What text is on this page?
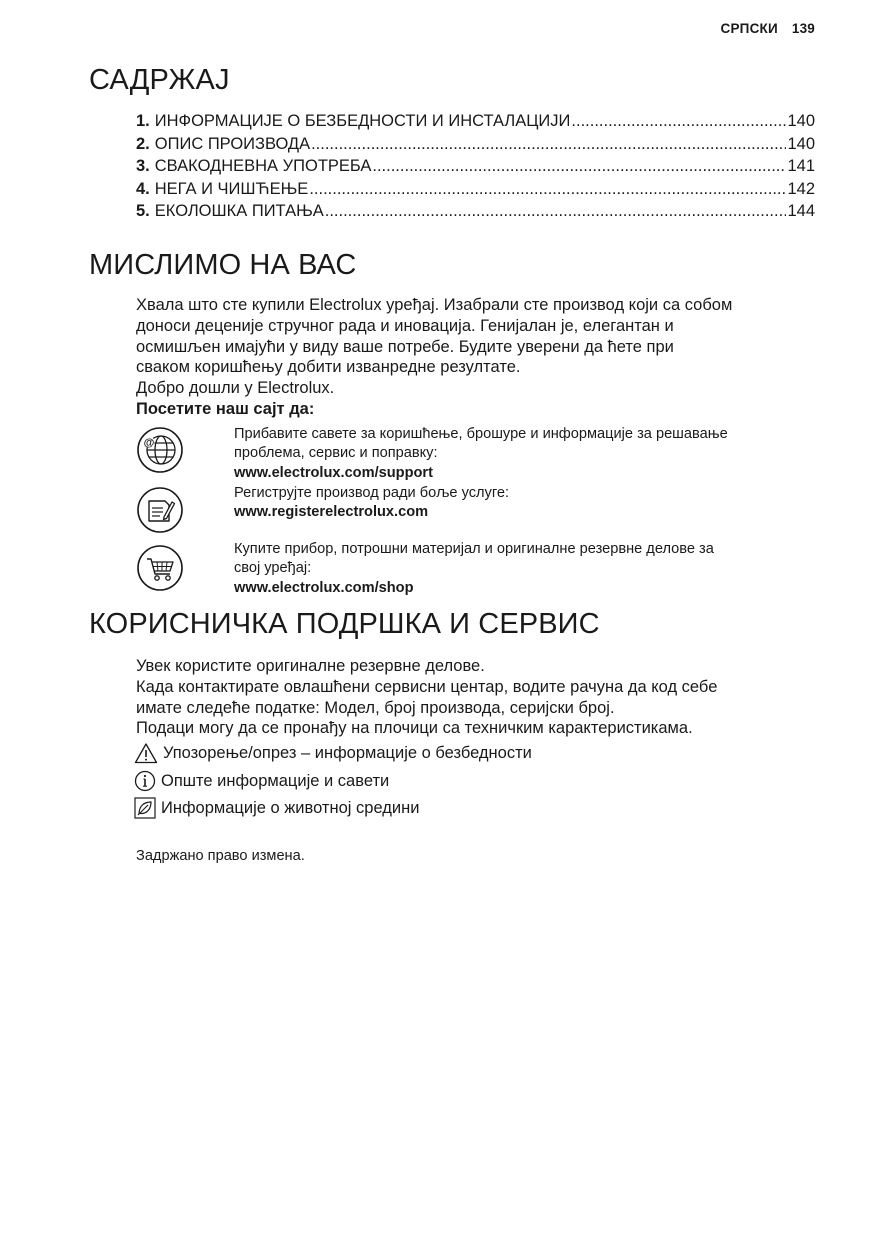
СРПСКИ 139
САДРЖАЈ
1. ИНФОРМАЦИЈЕ О БЕЗБЕДНОСТИ И ИНСТАЛАЦИЈИ .....	140
2. ОПИС ПРОИЗВОДА .....	140
3. СВАКОДНЕВНА УПОТРЕБА .....	141
4. НЕГА И ЧИШЋЕЊЕ .....	142
5. ЕКОЛОШКА ПИТАЊА .....	144
МИСЛИМО НА ВАС

Хвала што сте купили Electrolux уређај. Изабрали сте производ који са собом

доноси деценије стручног рада и иновација. Генијалан је, елегантан и

осмишљен имајући у виду ваше потребе. Будите уверени да ћете при

сваком коришћењу добити изванредне резултате.

Добро дошли у Electrolux.

Посетите наш сајт да:

@
Прибавите савете за коришћење, брошуре и информације за решавање
проблема, сервис и поправку:
www.electrolux.com/support
Региструјте производ ради боље услуге:
www.registerelectrolux.com
Купите прибор, потрошни материјал и оригиналне резервне делове за
свој уређај:
www.electrolux.com/shop
КОРИСНИЧКА ПОДРШКА И СЕРВИС

Увек користите оригиналне резервне делове.

Када контактирате овлашћени сервисни центар, водите рачуна да код себе

имате следеће податке: Модел, број производа, серијски број.

Подаци могу да се пронађу на плочици са техничким карактеристикама.

Упозорење/опрез – информације о безбедности
Опште информације и савети
Информације о животној средини
Задржано право измена.
